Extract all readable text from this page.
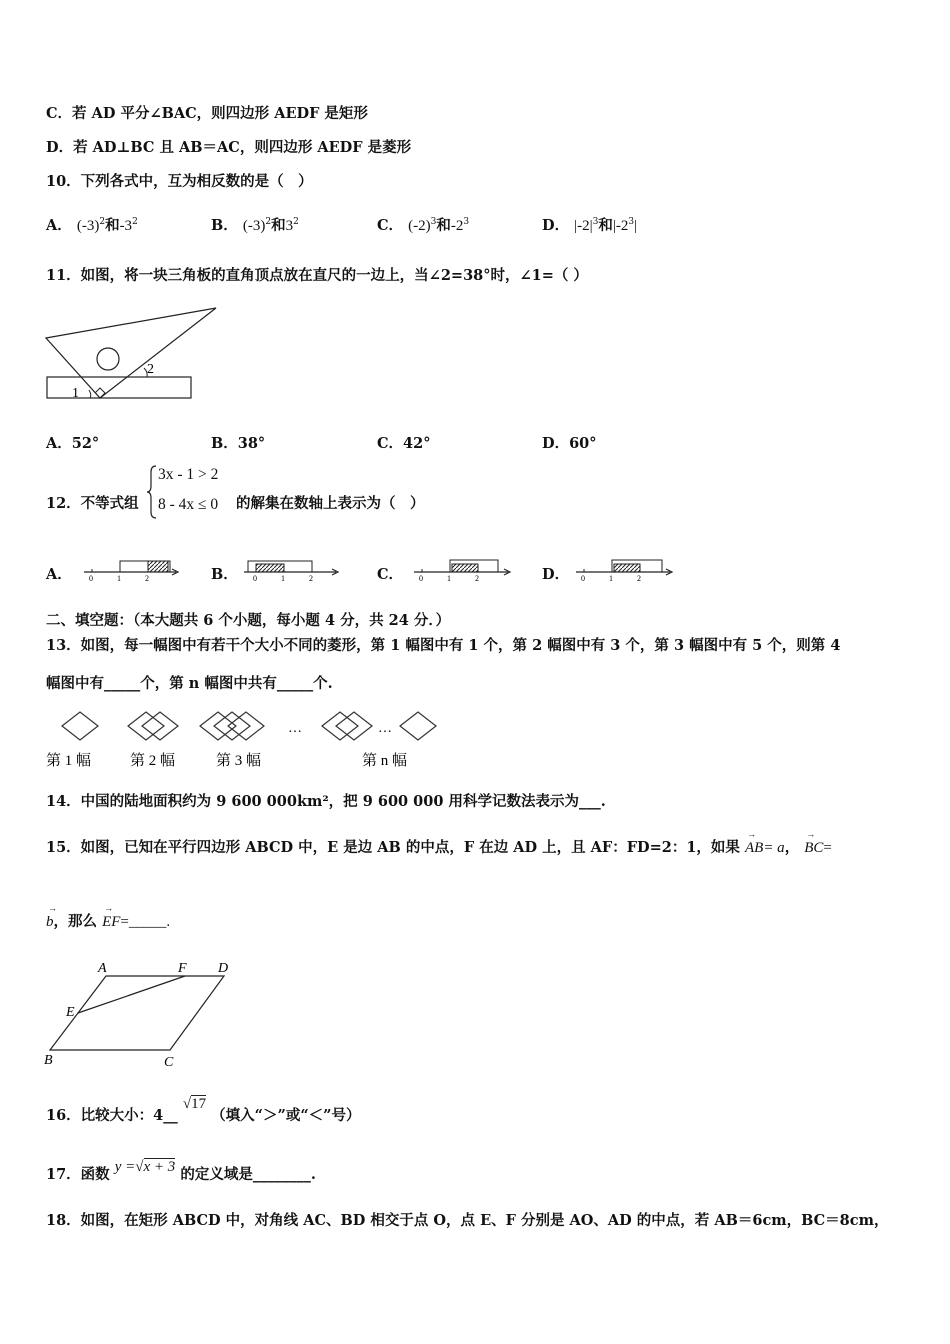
C．若 AD 平分∠BAC，则四边形 AEDF 是矩形
D．若 AD⊥BC 且 AB＝AC，则四边形 AEDF 是菱形
10．下列各式中，互为相反数的是（　）
A． $(-3)^2$和$-3^2$	B． $(-3)^2$和$3^2$	C． $(-2)^3$和$-2^3$	D． $|-2|^3$和$|-2^3|$
11．如图，将一块三角板的直角顶点放在直尺的一边上，当∠2=38°时，∠1=（ ）
1
2
A．52°	B．38°	C．42°	D．60°
12．不等式组
3x - 1 > 2
8 - 4x ≤ 0 的解集在数轴上表示为（　）
A． 0	1	2	B． 0	1	2	C． 0	1	2	D． 0	1	2
二、填空题：（本大题共 6 个小题，每小题 4 分，共 24 分．）
13．如图，每一幅图中有若干个大小不同的菱形，第 1 幅图中有 1 个，第 2 幅图中有 3 个，第 3 幅图中有 5 个，则第 4
幅图中有_____个，第 n 幅图中共有_____个.
…	…
第 1 幅	第 2 幅	第 3 幅	第 n 幅
14．中国的陆地面积约为 9 600 000km²，把 9 600 000 用科学记数法表示为___.
15．如图，已知在平行四边形 ABCD 中，E 是边 AB 的中点，F 在边 AD 上，且 AF：FD=2：1，如果 → AB= a， → BC=
→ b，那么 → EF=_____.
A	F D
E
B	C
16．比较大小：4__ √17 （填入“＞”或“＜”号）
17．函数 y =√x + 3 的定义域是________.
18．如图，在矩形 ABCD 中，对角线 AC、BD 相交于点 O，点 E、F 分别是 AO、AD 的中点，若 AB＝6cm，BC＝8cm，
